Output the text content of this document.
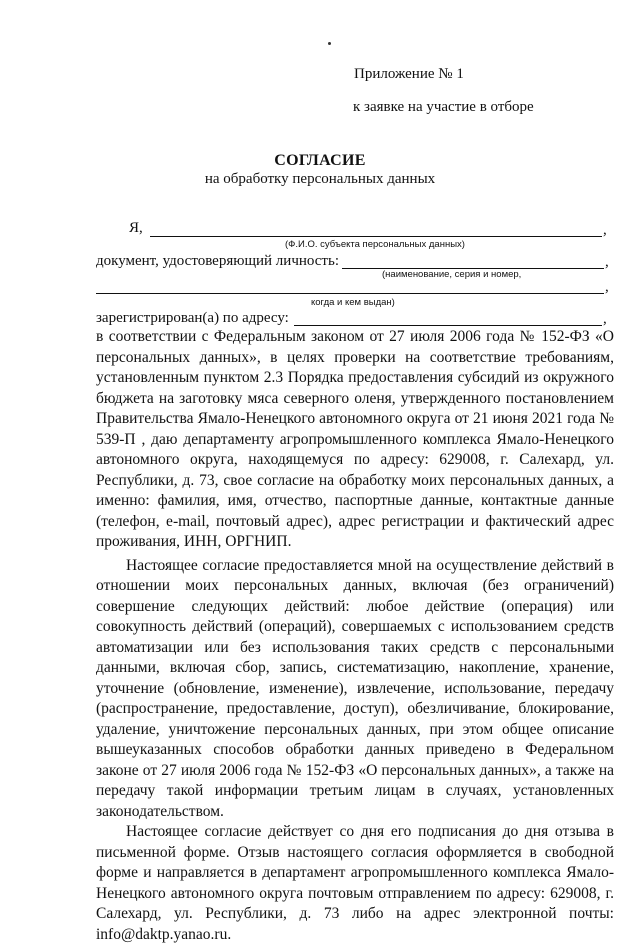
Приложение № 1
к заявке на участие в отборе
СОГЛАСИЕ
на обработку персональных данных
Я,	,
(Ф.И.О. субъекта персональных данных)
документ, удостоверяющий личность:	,
(наименование, серия и номер,
,
когда и кем выдан)
зарегистрирован(а) по адресу:	,

в соответствии с Федеральным законом от 27 июля 2006 года № 152-ФЗ «О персональных данных», в целях проверки на соответствие требованиям, установленным пунктом 2.3 Порядка предоставления субсидий из окружного бюджета на заготовку мяса северного оленя, утвержденного постановлением Правительства Ямало-Ненецкого автономного округа от 21 июня 2021 года № 539-П , даю департаменту агропромышленного комплекса Ямало-Ненецкого автономного округа, находящемуся по адресу: 629008, г. Салехард, ул. Республики, д. 73, свое согласие на обработку моих персональных данных, а именно: фамилия, имя, отчество, паспортные данные, контактные данные (телефон, e-mail, почтовый адрес), адрес регистрации и фактический адрес проживания, ИНН, ОРГНИП.

Настоящее согласие предоставляется мной на осуществление действий в отношении моих персональных данных, включая (без ограничений) совершение следующих действий: любое действие (операция) или совокупность действий (операций), совершаемых с использованием средств автоматизации или без использования таких средств с персональными данными, включая сбор, запись, систематизацию, накопление, хранение, уточнение (обновление, изменение), извлечение, использование, передачу (распространение, предоставление, доступ), обезличивание, блокирование, удаление, уничтожение персональных данных, при этом общее описание вышеуказанных способов обработки данных приведено в Федеральном законе от 27 июля 2006 года № 152-ФЗ «О персональных данных», а также на передачу такой информации третьим лицам в случаях, установленных законодательством.

Настоящее согласие действует со дня его подписания до дня отзыва в письменной форме. Отзыв настоящего согласия оформляется в свободной форме и направляется в департамент агропромышленного комплекса Ямало-Ненецкого автономного округа почтовым отправлением по адресу: 629008, г. Салехард, ул. Республики, д. 73 либо на адрес электронной почты: info@daktp.yanao.ru.
